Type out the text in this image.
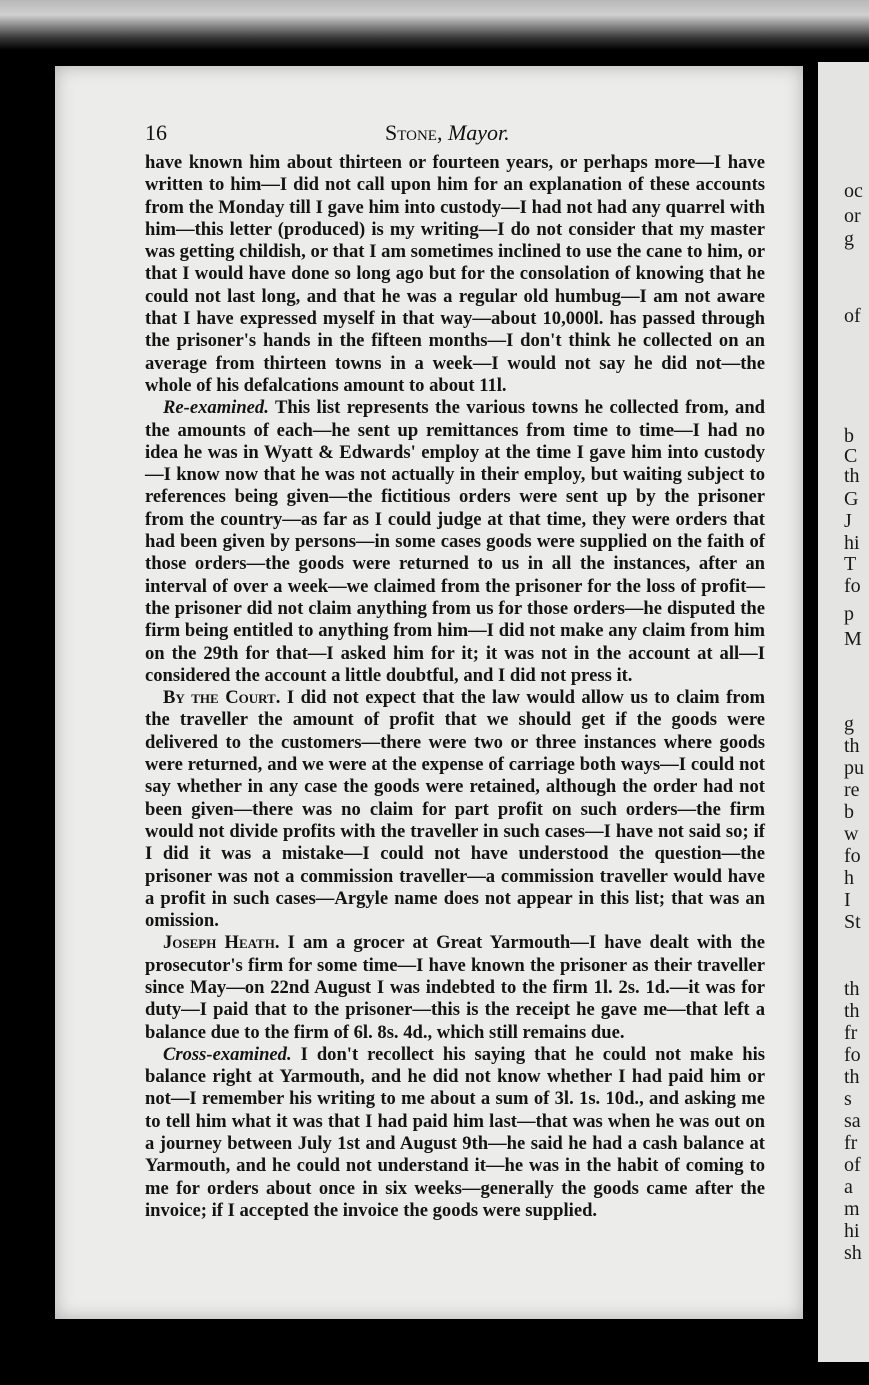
oc
or
g
of
b
C
th
G
J
hi
T
fo
p
M
g
th
pu
re
b
w
fo
h
I
St
th
th
fr
fo
th
s
sa
fr
of
a
m
hi
sh
16	Stone, Mayor.

have known him about thirteen or fourteen years, or perhaps more—I have written to him—I did not call upon him for an explanation of these accounts from the Monday till I gave him into custody—I had not had any quarrel with him—this letter (produced) is my writing—I do not consider that my master was getting childish, or that I am sometimes inclined to use the cane to him, or that I would have done so long ago but for the consolation of knowing that he could not last long, and that he was a regular old humbug—I am not aware that I have expressed myself in that way—about 10,000l. has passed through the prisoner's hands in the fifteen months—I don't think he collected on an average from thirteen towns in a week—I would not say he did not—the whole of his defalcations amount to about 11l.

Re-examined. This list represents the various towns he collected from, and the amounts of each—he sent up remittances from time to time—I had no idea he was in Wyatt & Edwards' employ at the time I gave him into custody—I know now that he was not actually in their employ, but waiting subject to references being given—the fictitious orders were sent up by the prisoner from the country—as far as I could judge at that time, they were orders that had been given by persons—in some cases goods were supplied on the faith of those orders—the goods were returned to us in all the instances, after an interval of over a week—we claimed from the prisoner for the loss of profit—the prisoner did not claim anything from us for those orders—he disputed the firm being entitled to anything from him—I did not make any claim from him on the 29th for that—I asked him for it; it was not in the account at all—I considered the account a little doubtful, and I did not press it.

By the Court. I did not expect that the law would allow us to claim from the traveller the amount of profit that we should get if the goods were delivered to the customers—there were two or three instances where goods were returned, and we were at the expense of carriage both ways—I could not say whether in any case the goods were retained, although the order had not been given—there was no claim for part profit on such orders—the firm would not divide profits with the traveller in such cases—I have not said so; if I did it was a mistake—I could not have understood the question—the prisoner was not a commission traveller—a commission traveller would have a profit in such cases—Argyle name does not appear in this list; that was an omission.

Joseph Heath. I am a grocer at Great Yarmouth—I have dealt with the prosecutor's firm for some time—I have known the prisoner as their traveller since May—on 22nd August I was indebted to the firm 1l. 2s. 1d.—it was for duty—I paid that to the prisoner—this is the receipt he gave me—that left a balance due to the firm of 6l. 8s. 4d., which still remains due.

Cross-examined. I don't recollect his saying that he could not make his balance right at Yarmouth, and he did not know whether I had paid him or not—I remember his writing to me about a sum of 3l. 1s. 10d., and asking me to tell him what it was that I had paid him last—that was when he was out on a journey between July 1st and August 9th—he said he had a cash balance at Yarmouth, and he could not understand it—he was in the habit of coming to me for orders about once in six weeks—generally the goods came after the invoice; if I accepted the invoice the goods were supplied.
